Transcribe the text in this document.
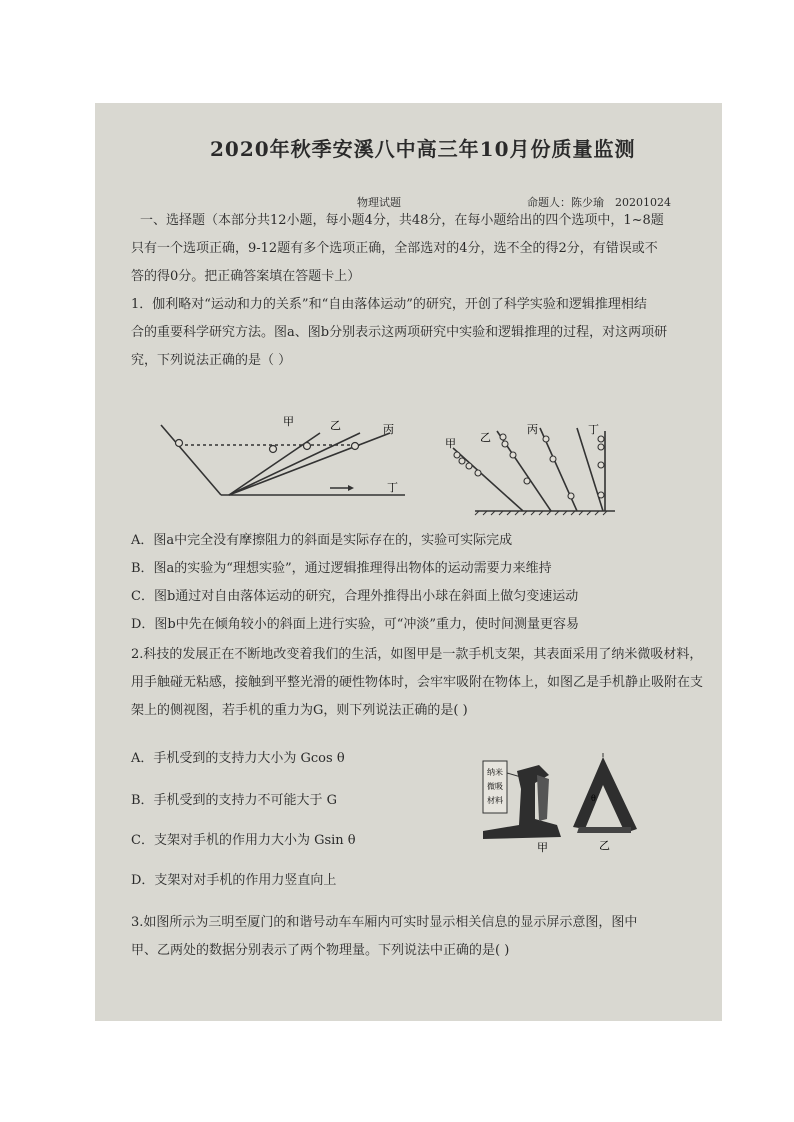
2020年秋季安溪八中高三年10月份质量监测
物理试题	命题人：陈少瑜 20201024
一、选择题（本部分共12小题，每小题4分，共48分，在每小题给出的四个选项中，1~8题
只有一个选项正确，9-12题有多个选项正确，全部选对的4分，选不全的得2分，有错误或不
答的得0分。把正确答案填在答题卡上）
1．伽利略对“运动和力的关系”和“自由落体运动”的研究，开创了科学实验和逻辑推理相结
合的重要科学研究方法。图a、图b分别表示这两项研究中实验和逻辑推理的过程，对这两项研
究，下列说法正确的是（ ）
甲	乙	丙
丁
甲 乙
丙	丁
A．图a中完全没有摩擦阻力的斜面是实际存在的，实验可实际完成
B．图a的实验为“理想实验”，通过逻辑推理得出物体的运动需要力来维持
C．图b通过对自由落体运动的研究，合理外推得出小球在斜面上做匀变速运动
D．图b中先在倾角较小的斜面上进行实验，可“冲淡”重力，使时间测量更容易
2.科技的发展正在不断地改变着我们的生活，如图甲是一款手机支架，其表面采用了纳米微吸材料，
用手触碰无粘感，接触到平整光滑的硬性物体时，会牢牢吸附在物体上，如图乙是手机静止吸附在支
架上的侧视图，若手机的重力为G，则下列说法正确的是( )
A．手机受到的支持力大小为 Gcos θ
B．手机受到的支持力不可能大于 G
C．支架对手机的作用力大小为 Gsin θ
D．支架对对手机的作用力竖直向上
纳米
微吸
材料
甲
θ
乙
3.如图所示为三明至厦门的和谐号动车车厢内可实时显示相关信息的显示屏示意图，图中
甲、乙两处的数据分别表示了两个物理量。下列说法中正确的是( )
